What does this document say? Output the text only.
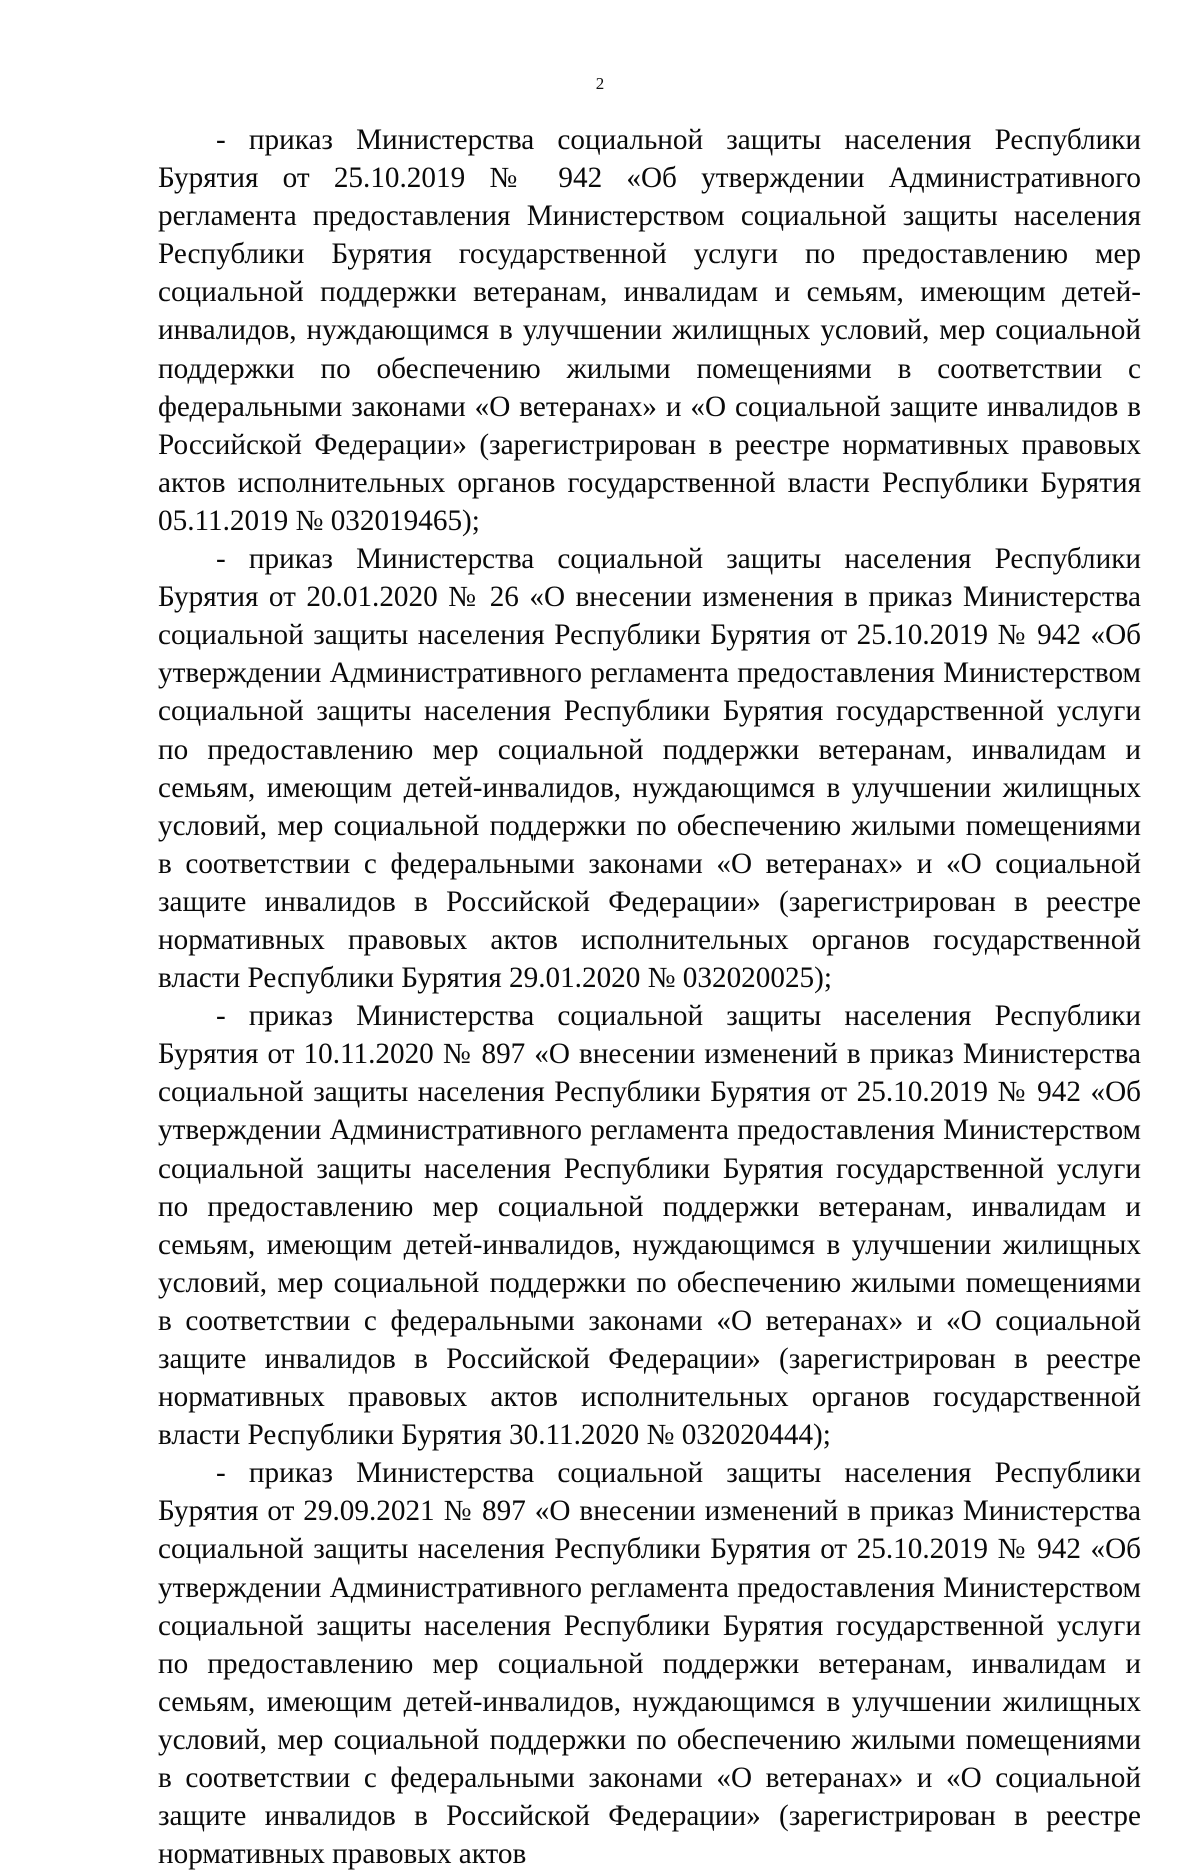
2

- приказ Министерства социальной защиты населения Республики Бурятия от 25.10.2019 № 942 «Об утверждении Административного регламента предоставления Министерством социальной защиты населения Республики Бурятия государственной услуги по предоставлению мер социальной поддержки ветеранам, инвалидам и семьям, имеющим детей-инвалидов, нуждающимся в улучшении жилищных условий, мер социальной поддержки по обеспечению жилыми помещениями в соответствии с федеральными законами «О ветеранах» и «О социальной защите инвалидов в Российской Федерации» (зарегистрирован в реестре нормативных правовых актов исполнительных органов государственной власти Республики Бурятия 05.11.2019 № 032019465);

- приказ Министерства социальной защиты населения Республики Бурятия от 20.01.2020 № 26 «О внесении изменения в приказ Министерства социальной защиты населения Республики Бурятия от 25.10.2019 № 942 «Об утверждении Административного регламента предоставления Министерством социальной защиты населения Республики Бурятия государственной услуги по предоставлению мер социальной поддержки ветеранам, инвалидам и семьям, имеющим детей-инвалидов, нуждающимся в улучшении жилищных условий, мер социальной поддержки по обеспечению жилыми помещениями в соответствии с федеральными законами «О ветеранах» и «О социальной защите инвалидов в Российской Федерации» (зарегистрирован в реестре нормативных правовых актов исполнительных органов государственной власти Республики Бурятия 29.01.2020 № 032020025);

- приказ Министерства социальной защиты населения Республики Бурятия от 10.11.2020 № 897 «О внесении изменений в приказ Министерства социальной защиты населения Республики Бурятия от 25.10.2019 № 942 «Об утверждении Административного регламента предоставления Министерством социальной защиты населения Республики Бурятия государственной услуги по предоставлению мер социальной поддержки ветеранам, инвалидам и семьям, имеющим детей-инвалидов, нуждающимся в улучшении жилищных условий, мер социальной поддержки по обеспечению жилыми помещениями в соответствии с федеральными законами «О ветеранах» и «О социальной защите инвалидов в Российской Федерации» (зарегистрирован в реестре нормативных правовых актов исполнительных органов государственной власти Республики Бурятия 30.11.2020 № 032020444);

- приказ Министерства социальной защиты населения Республики Бурятия от 29.09.2021 № 897 «О внесении изменений в приказ Министерства социальной защиты населения Республики Бурятия от 25.10.2019 № 942 «Об утверждении Административного регламента предоставления Министерством социальной защиты населения Республики Бурятия государственной услуги по предоставлению мер социальной поддержки ветеранам, инвалидам и семьям, имеющим детей-инвалидов, нуждающимся в улучшении жилищных условий, мер социальной поддержки по обеспечению жилыми помещениями в соответствии с федеральными законами «О ветеранах» и «О социальной защите инвалидов в Российской Федерации» (зарегистрирован в реестре нормативных правовых актов
